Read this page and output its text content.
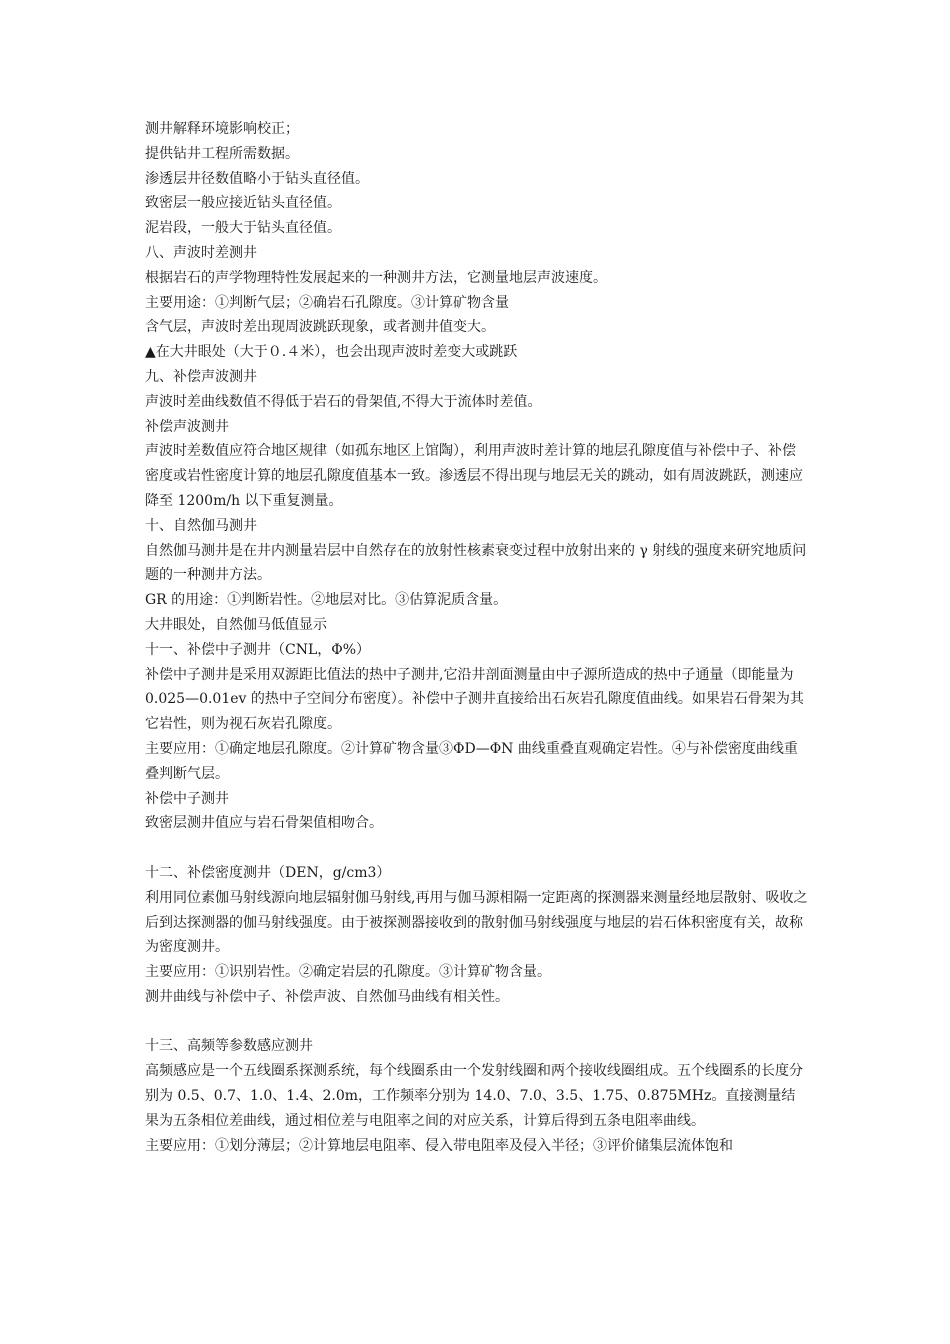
测井解释环境影响校正；

提供钻井工程所需数据。

渗透层井径数值略小于钻头直径值。

致密层一般应接近钻头直径值。

泥岩段，一般大于钻头直径值。

八、声波时差测井

根据岩石的声学物理特性发展起来的一种测井方法，它测量地层声波速度。

主要用途：①判断气层；②确岩石孔隙度。③计算矿物含量

含气层，声波时差出现周波跳跃现象，或者测井值变大。

▲在大井眼处（大于０.４米），也会出现声波时差变大或跳跃

九、补偿声波测井

声波时差曲线数值不得低于岩石的骨架值,不得大于流体时差值。

补偿声波测井

声波时差数值应符合地区规律（如孤东地区上馆陶），利用声波时差计算的地层孔隙度值与补偿中子、补偿密度或岩性密度计算的地层孔隙度值基本一致。渗透层不得出现与地层无关的跳动，如有周波跳跃，测速应降至 1200m/h 以下重复测量。

十、自然伽马测井

自然伽马测井是在井内测量岩层中自然存在的放射性核素衰变过程中放射出来的 γ 射线的强度来研究地质问题的一种测井方法。

GR 的用途：①判断岩性。②地层对比。③估算泥质含量。

大井眼处，自然伽马低值显示

十一、补偿中子测井（CNL，Φ%）

补偿中子测井是采用双源距比值法的热中子测井,它沿井剖面测量由中子源所造成的热中子通量（即能量为 0.025—0.01ev 的热中子空间分布密度）。补偿中子测井直接给出石灰岩孔隙度值曲线。如果岩石骨架为其它岩性，则为视石灰岩孔隙度。

主要应用：①确定地层孔隙度。②计算矿物含量③ΦD—ΦN 曲线重叠直观确定岩性。④与补偿密度曲线重叠判断气层。

补偿中子测井

致密层测井值应与岩石骨架值相吻合。

十二、补偿密度测井（DEN，g/cm3）

利用同位素伽马射线源向地层辐射伽马射线,再用与伽马源相隔一定距离的探测器来测量经地层散射、吸收之后到达探测器的伽马射线强度。由于被探测器接收到的散射伽马射线强度与地层的岩石体积密度有关，故称为密度测井。

主要应用：①识别岩性。②确定岩层的孔隙度。③计算矿物含量。

测井曲线与补偿中子、补偿声波、自然伽马曲线有相关性。

十三、高频等参数感应测井

高频感应是一个五线圈系探测系统，每个线圈系由一个发射线圈和两个接收线圈组成。五个线圈系的长度分别为 0.5、0.7、1.0、1.4、2.0m，工作频率分别为 14.0、7.0、3.5、1.75、0.875MHz。直接测量结果为五条相位差曲线，通过相位差与电阻率之间的对应关系，计算后得到五条电阻率曲线。

主要应用：①划分薄层；②计算地层电阻率、侵入带电阻率及侵入半径；③评价储集层流体饱和
